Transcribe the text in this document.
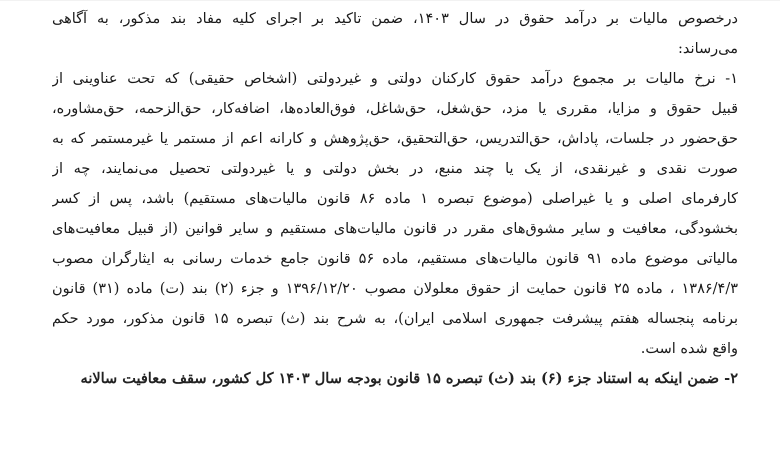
درخصوص مالیات بر درآمد حقوق در سال ۱۴۰۳، ضمن تاکید بر اجرای کلیه مفاد بند مذکور، به آگاهی
می‌رساند:
۱- نرخ مالیات بر مجموع درآمد حقوق کارکنان دولتی و غیردولتی (اشخاص حقیقی) که تحت عناوینی از
قبیل حقوق و مزایا، مقرری یا مزد، حق‌شغل، حق‌شاغل، فوق‌العاده‌ها، اضافه‌کار، حق‌الزحمه، حق‌مشاوره،
حق‌حضور در جلسات، پاداش، حق‌التدریس، حق‌التحقیق، حق‌پژوهش و کارانه اعم از مستمر یا غیرمستمر که به
صورت نقدی و غیرنقدی، از یک یا چند منبع، در بخش دولتی و یا غیردولتی تحصیل می‌نمایند، چه از
کارفرمای اصلی و یا غیراصلی (موضوع تبصره ۱ ماده ۸۶ قانون مالیات‌های مستقیم) باشد، پس از کسر
بخشودگی، معافیت و سایر مشوق‌های مقرر در قانون مالیات‌های مستقیم و سایر قوانین (از قبیل معافیت‌های
مالیاتی موضوع ماده ۹۱ قانون مالیات‌های مستقیم، ماده ۵۶ قانون جامع خدمات رسانی به ایثارگران مصوب
۱۳۸۶/۴/۳ ، ماده ۲۵ قانون حمایت از حقوق معلولان مصوب ۱۳۹۶/۱۲/۲۰ و جزء (۲) بند (ت) ماده (۳۱) قانون
برنامه پنجساله هفتم پیشرفت جمهوری اسلامی ایران)، به شرح بند (ث) تبصره ۱۵ قانون مذکور، مورد حکم
واقع شده است.
۲- ضمن اینکه به استناد جزء (۶) بند (ث) تبصره ۱۵ قانون بودجه سال ۱۴۰۳ کل کشور، سقف معافیت سالانه
